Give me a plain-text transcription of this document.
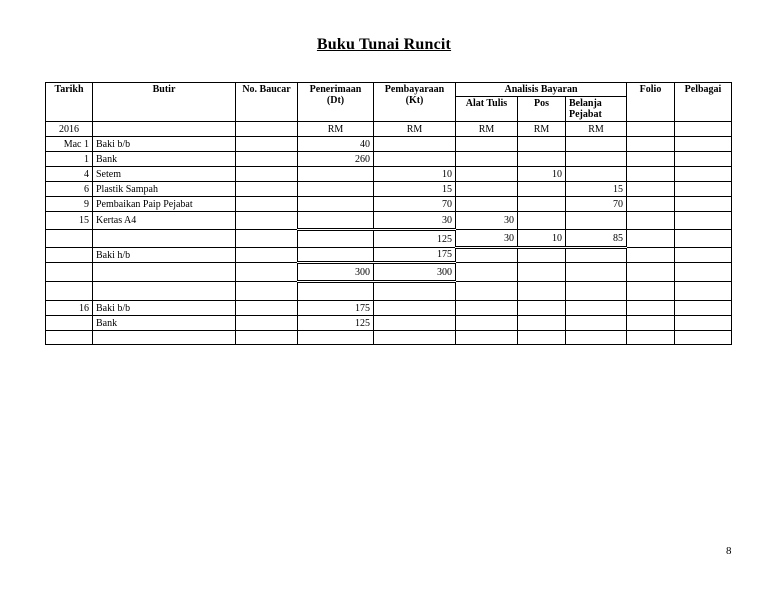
Buku Tunai Runcit
Tarikh	Butir	No. Baucar	Penerimaan (Dt)	Pembayaraan (Kt)	Analisis Bayaran			Folio	Pelbagai
					Alat Tulis	Pos	Belanja Pejabat		
2016			RM	RM	RM	RM	RM		
Mac 1	Baki b/b		40						
1	Bank		260						
4	Setem			10		10			
6	Plastik Sampah			15			15		
9	Pembaikan Paip Pejabat			70			70		
15	Kertas A4			30	30				
				125	30	10	85		
	Baki h/b			175					
			300	300					

16	Baki b/b		175						
	Bank		125						

8
